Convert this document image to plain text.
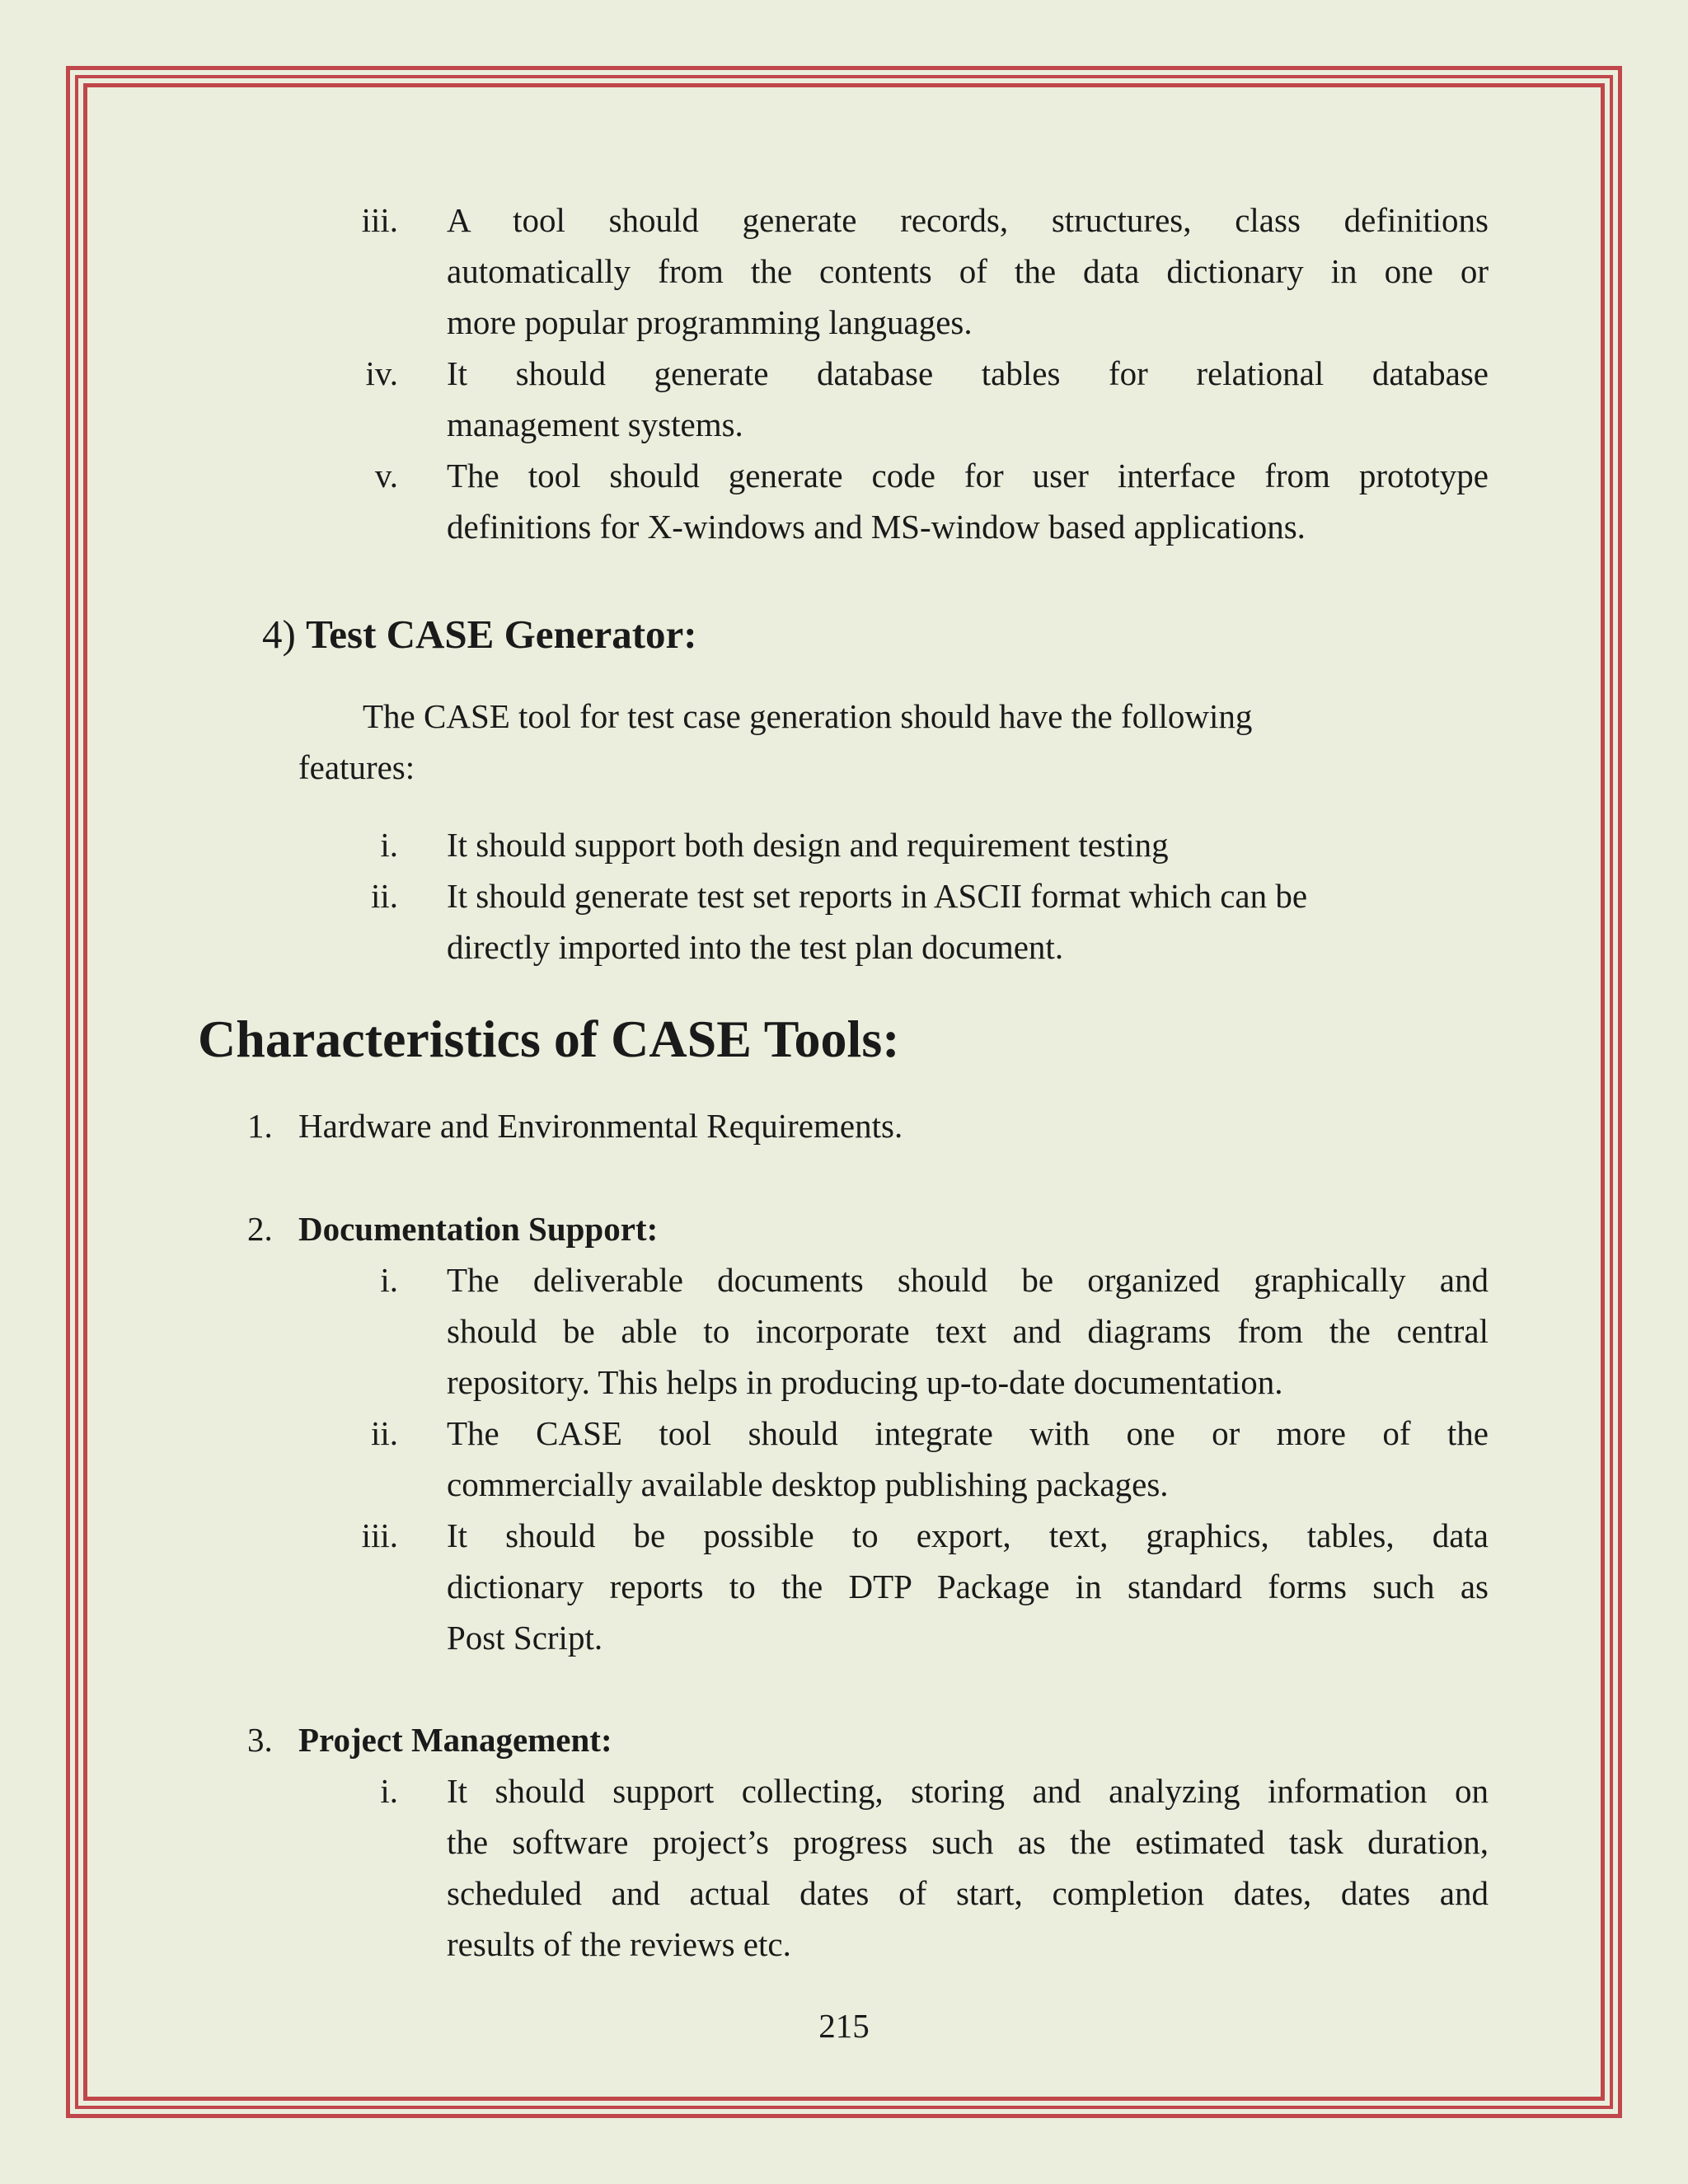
iii. A tool should generate records, structures, class definitions
automatically from the contents of the data dictionary in one or
more popular programming languages.
iv. It should generate database tables for relational database
management systems.
v. The tool should generate code for user interface from prototype
definitions for X-windows and MS-window based applications.
4) Test CASE Generator:
The CASE tool for test case generation should have the following
features:
i. It should support both design and requirement testing
ii. It should generate test set reports in ASCII format which can be
directly imported into the test plan document.
Characteristics of CASE Tools:
1. Hardware and Environmental Requirements.
2. Documentation Support:
i. The deliverable documents should be organized graphically and
should be able to incorporate text and diagrams from the central
repository. This helps in producing up-to-date documentation.
ii. The CASE tool should integrate with one or more of the
commercially available desktop publishing packages.
iii. It should be possible to export, text, graphics, tables, data
dictionary reports to the DTP Package in standard forms such as
Post Script.
3. Project Management:
i. It should support collecting, storing and analyzing information on
the software project’s progress such as the estimated task duration,
scheduled and actual dates of start, completion dates, dates and
results of the reviews etc.
215
